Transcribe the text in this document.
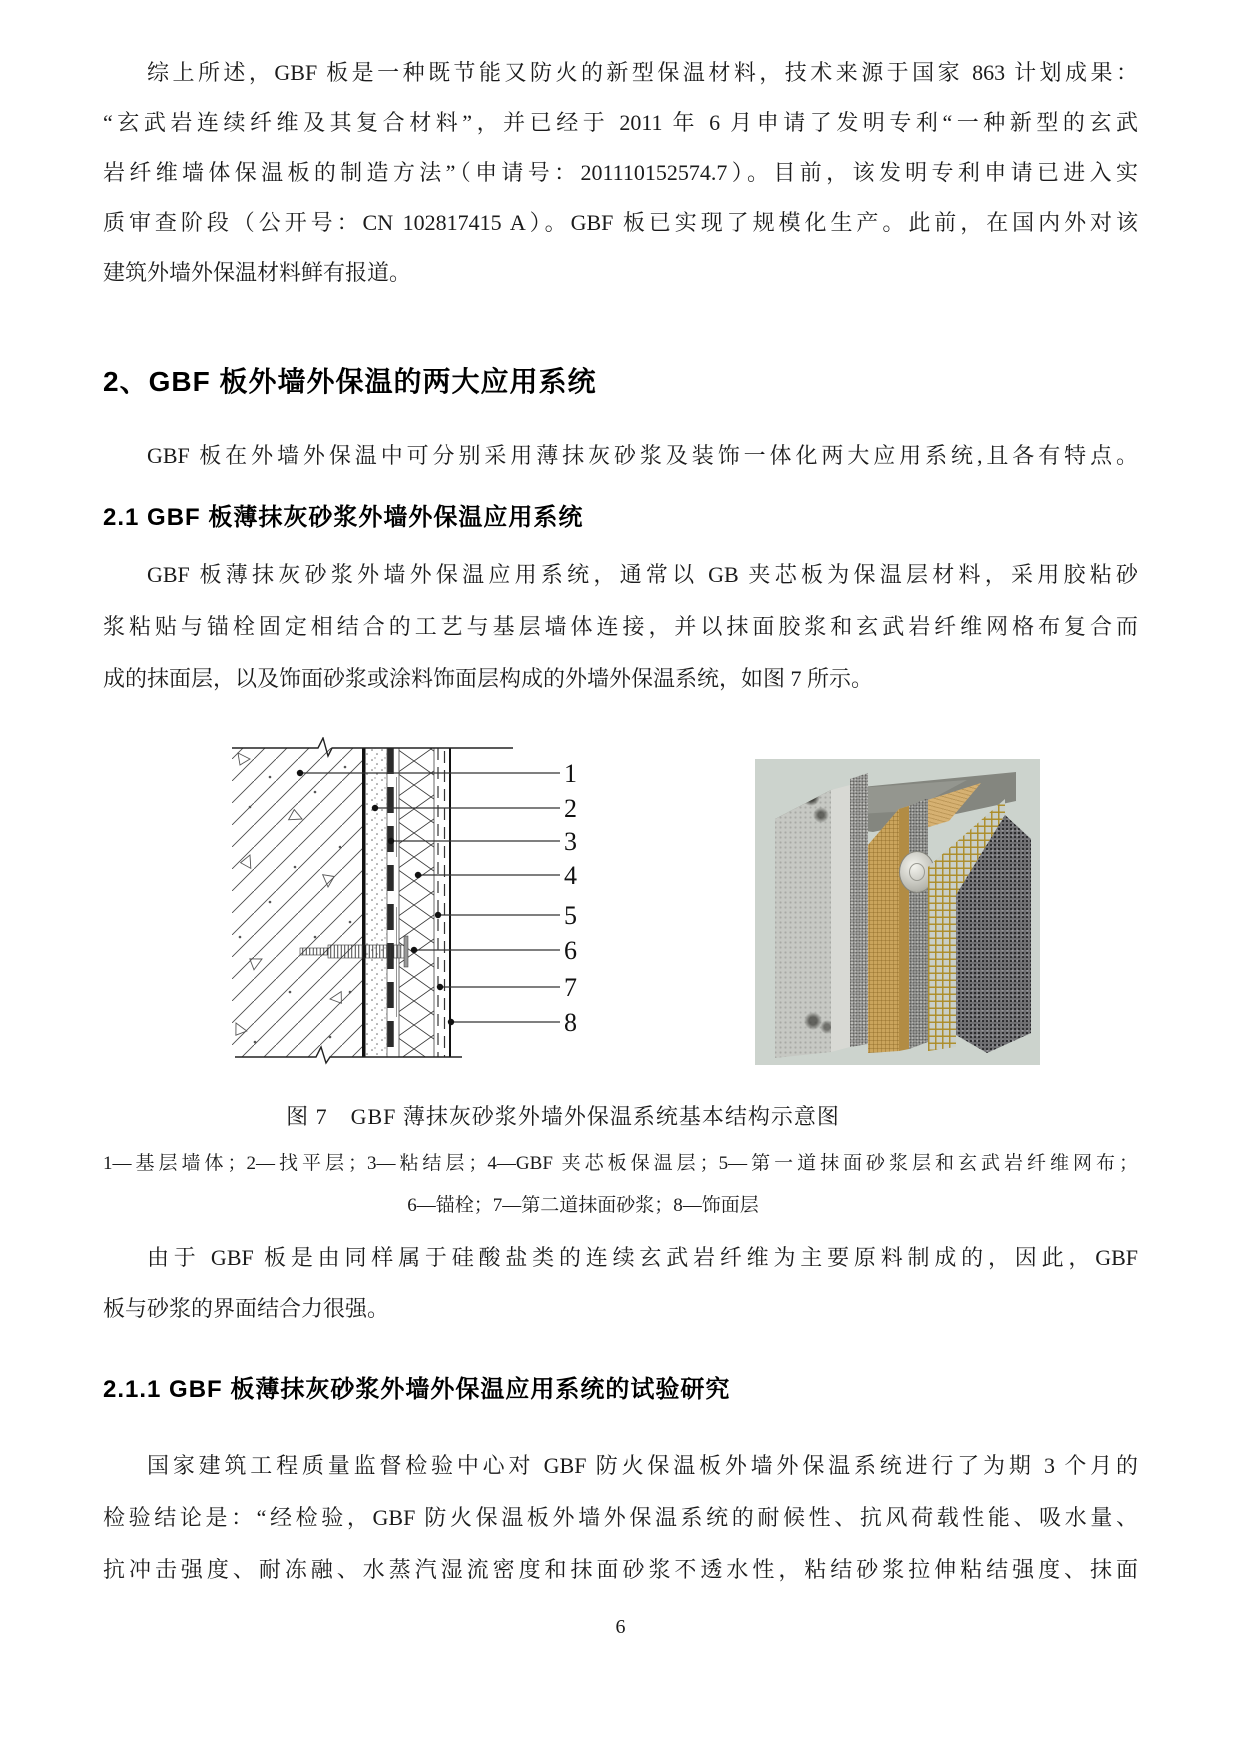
综上所述，GBF 板是一种既节能又防火的新型保温材料，技术来源于国家 863 计划成果：
“玄武岩连续纤维及其复合材料”，并已经于 2011 年 6 月申请了发明专利“一种新型的玄武
岩纤维墙体保温板的制造方法”（申请号：201110152574.7）。目前，该发明专利申请已进入实
质审查阶段（公开号：CN 102817415 A）。GBF 板已实现了规模化生产。此前，在国内外对该
建筑外墙外保温材料鲜有报道。
2、GBF 板外墙外保温的两大应用系统
GBF 板在外墙外保温中可分别采用薄抹灰砂浆及装饰一体化两大应用系统,且各有特点。
2.1 GBF 板薄抹灰砂浆外墙外保温应用系统
GBF 板薄抹灰砂浆外墙外保温应用系统，通常以 GB 夹芯板为保温层材料，采用胶粘砂
浆粘贴与锚栓固定相结合的工艺与基层墙体连接，并以抹面胶浆和玄武岩纤维网格布复合而
成的抹面层，以及饰面砂浆或涂料饰面层构成的外墙外保温系统，如图 7 所示。
1
2
3
4
5
6
7
8
图 7　GBF 薄抹灰砂浆外墙外保温系统基本结构示意图
1—基层墙体；2—找平层；3—粘结层；4—GBF 夹芯板保温层；5—第一道抹面砂浆层和玄武岩纤维网布；
6—锚栓；7—第二道抹面砂浆；8—饰面层
由于 GBF 板是由同样属于硅酸盐类的连续玄武岩纤维为主要原料制成的，因此，GBF
板与砂浆的界面结合力很强。
2.1.1 GBF 板薄抹灰砂浆外墙外保温应用系统的试验研究
国家建筑工程质量监督检验中心对 GBF 防火保温板外墙外保温系统进行了为期 3 个月的
检验结论是：“经检验，GBF 防火保温板外墙外保温系统的耐候性、抗风荷载性能、吸水量、
抗冲击强度、耐冻融、水蒸汽湿流密度和抹面砂浆不透水性，粘结砂浆拉伸粘结强度、抹面
6
